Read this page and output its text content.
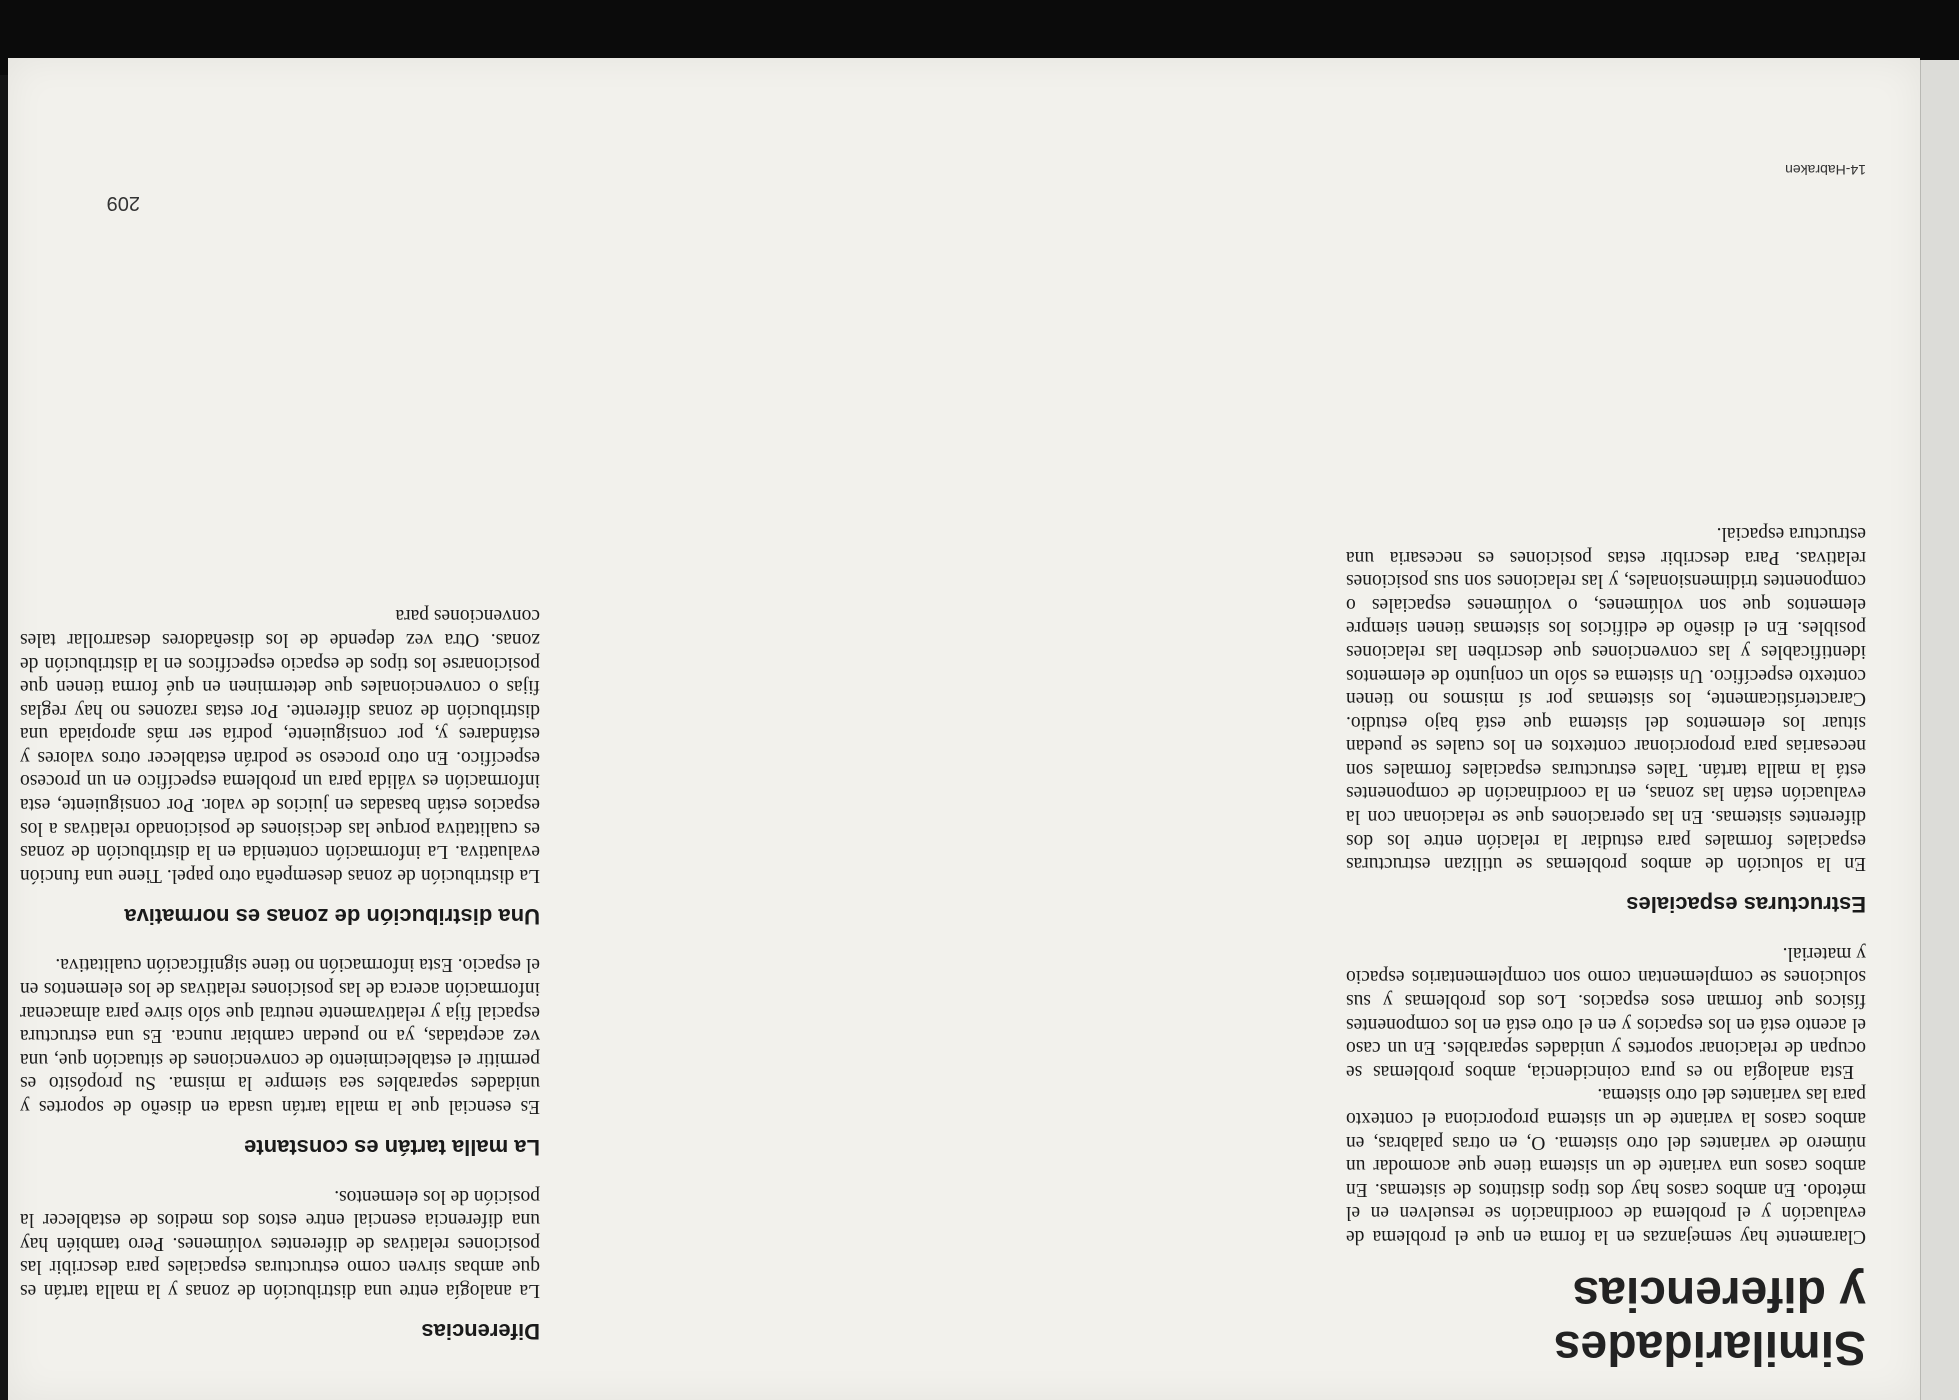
14-Habraken
Similaridades
y diferencias

Claramente hay semejanzas en la forma en que el problema de evaluación y el problema de coordinación se resuelven en el método. En ambos casos hay dos tipos distintos de sistemas. En ambos casos una variante de un sistema tiene que acomodar un número de variantes del otro sistema. O, en otras palabras, en ambos casos la variante de un sistema proporciona el contexto para las variantes del otro sistema.

Esta analogía no es pura coincidencia, ambos problemas se ocupan de relacionar soportes y unidades separables. En un caso el acento está en los espacios y en el otro está en los componentes físicos que forman esos espacios. Los dos problemas y sus soluciones se complementan como son complementarios espacio y material.

Estructuras espaciales

En la solución de ambos problemas se utilizan estructuras espaciales formales para estudiar la relación entre los dos diferentes sistemas. En las operaciones que se relacionan con la evaluación están las zonas, en la coordinación de componentes está la malla tartán. Tales estructuras espaciales formales son necesarias para proporcionar contextos en los cuales se puedan situar los elementos del sistema que está bajo estudio. Característicamente, los sistemas por sí mismos no tienen contexto específico. Un sistema es sólo un conjunto de elementos identificables y las convenciones que describen las relaciones posibles. En el diseño de edificios los sistemas tienen siempre elementos que son volúmenes, o volúmenes espaciales o componentes tridimensionales, y las relaciones son sus posiciones relativas. Para describir estas posiciones es necesaria una estructura espacial.

Diferencias

La analogía entre una distribución de zonas y la malla tartán es que ambas sirven como estructuras espaciales para describir las posiciones relativas de diferentes volúmenes. Pero también hay una diferencia esencial entre estos dos medios de establecer la posición de los elementos.

La malla tartán es constante

Es esencial que la malla tartán usada en diseño de soportes y unidades separables sea siempre la misma. Su propósito es permitir el establecimiento de convenciones de situación que, una vez aceptadas, ya no puedan cambiar nunca. Es una estructura espacial fija y relativamente neutral que sólo sirve para almacenar información acerca de las posiciones relativas de los elementos en el espacio. Esta información no tiene significación cualitativa.

Una distribución de zonas es normativa

La distribución de zonas desempeña otro papel. Tiene una función evaluativa. La información contenida en la distribución de zonas es cualitativa porque las decisiones de posicionado relativas a los espacios están basadas en juicios de valor. Por consiguiente, esta información es válida para un problema específico en un proceso específico. En otro proceso se podrán establecer otros valores y estándares y, por consiguiente, podría ser más apropiada una distribución de zonas diferente. Por estas razones no hay reglas fijas o convencionales que determinen en qué forma tienen que posicionarse los tipos de espacio específicos en la distribución de zonas. Otra vez depende de los diseñadores desarrollar tales convenciones para

209
